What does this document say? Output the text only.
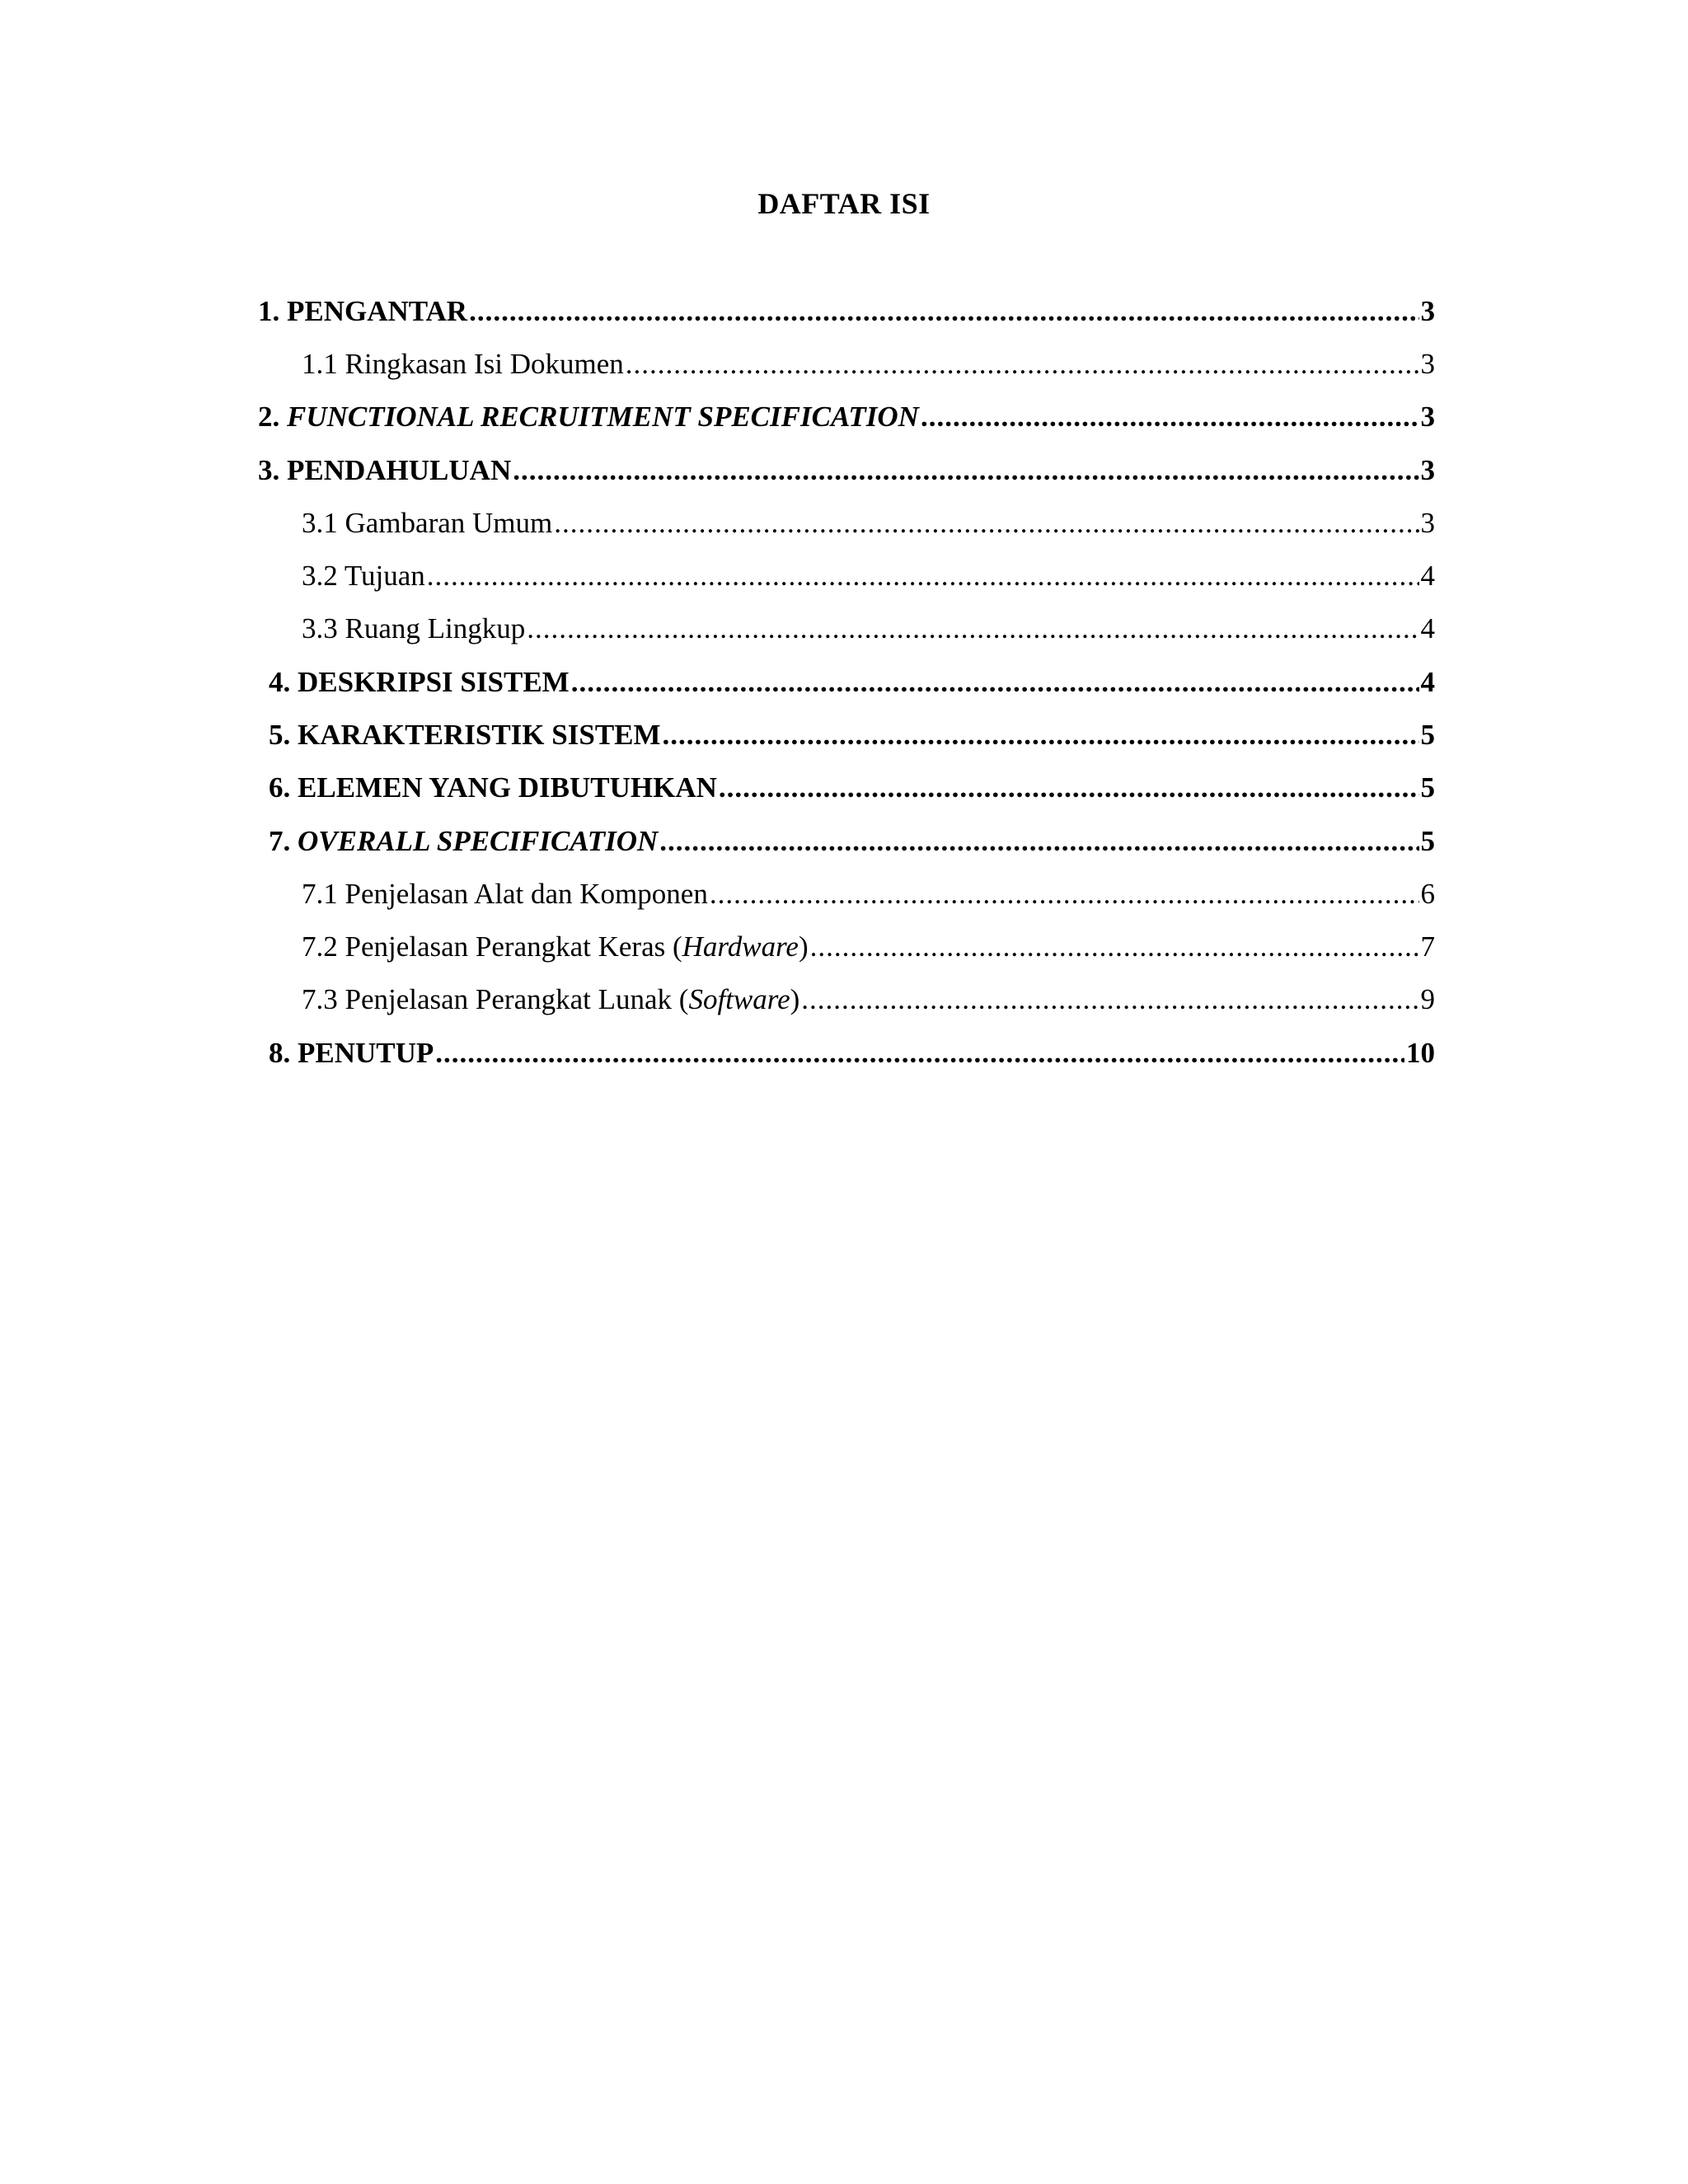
DAFTAR ISI
1. PENGANTAR .....	3
1.1 Ringkasan Isi Dokumen .....	3
2. FUNCTIONAL RECRUITMENT SPECIFICATION .....	3
3. PENDAHULUAN .....	3
3.1 Gambaran Umum .....	3
3.2 Tujuan .....	4
3.3 Ruang Lingkup .....	4
4. DESKRIPSI SISTEM .....	4
5. KARAKTERISTIK SISTEM .....	5
6. ELEMEN YANG DIBUTUHKAN .....	5
7. OVERALL SPECIFICATION .....	5
7.1 Penjelasan Alat dan Komponen .....	6
7.2 Penjelasan Perangkat Keras (Hardware) .....	7
7.3 Penjelasan Perangkat Lunak (Software) .....	9
8. PENUTUP .....	10
